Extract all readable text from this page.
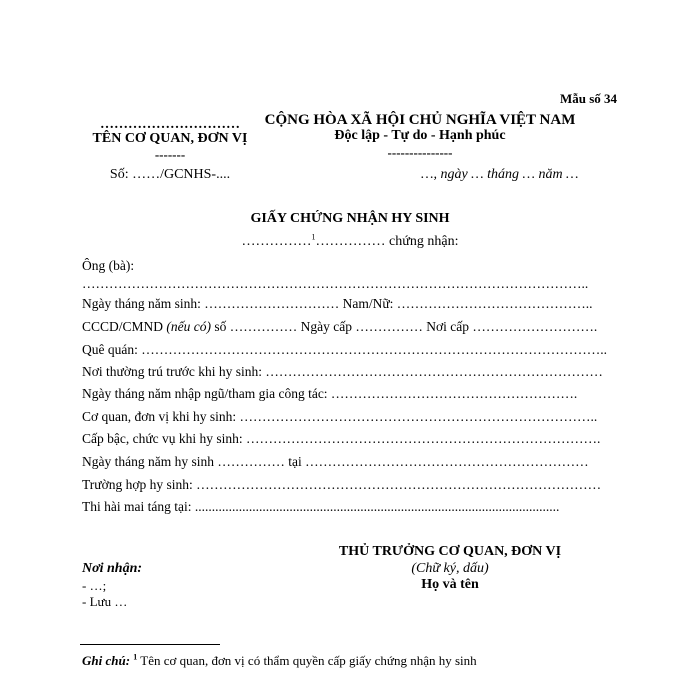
Mẫu số 34
…………………………
TÊN CƠ QUAN, ĐƠN VỊ
-------
Số: ……/GCNHS-....
CỘNG HÒA XÃ HỘI CHỦ NGHĨA VIỆT NAM
Độc lập - Tự do - Hạnh phúc
---------------
…, ngày … tháng … năm …
GIẤY CHỨNG NHẬN HY SINH
……………$^1$…………… chứng nhận:
Ông (bà):
…………………………………………………………………………………………………..
Ngày tháng năm sinh: ………………………… Nam/Nữ: ……………………………………..
CCCD/CMND (nếu có) số …………… Ngày cấp …………… Nơi cấp ……………………….
Quê quán: …………………………………………………………………………………………..
Nơi thường trú trước khi hy sinh: …………………………………………………………………
Ngày tháng năm nhập ngũ/tham gia công tác: ……………………………………………….
Cơ quan, đơn vị khi hy sinh: ……………………………………………………………………..
Cấp bậc, chức vụ khi hy sinh: …………………………………………………………………….
Ngày tháng năm hy sinh …………… tại ………………………………………………………
Trường hợp hy sinh: ………………………………………………………………………………
Thi hài mai táng tại: ............................................................................................................
THỦ TRƯỞNG CƠ QUAN, ĐƠN VỊ
(Chữ ký, dấu)
Họ và tên
Nơi nhận:
- …;
- Lưu …
Ghi chú: $^1$ Tên cơ quan, đơn vị có thẩm quyền cấp giấy chứng nhận hy sinh
